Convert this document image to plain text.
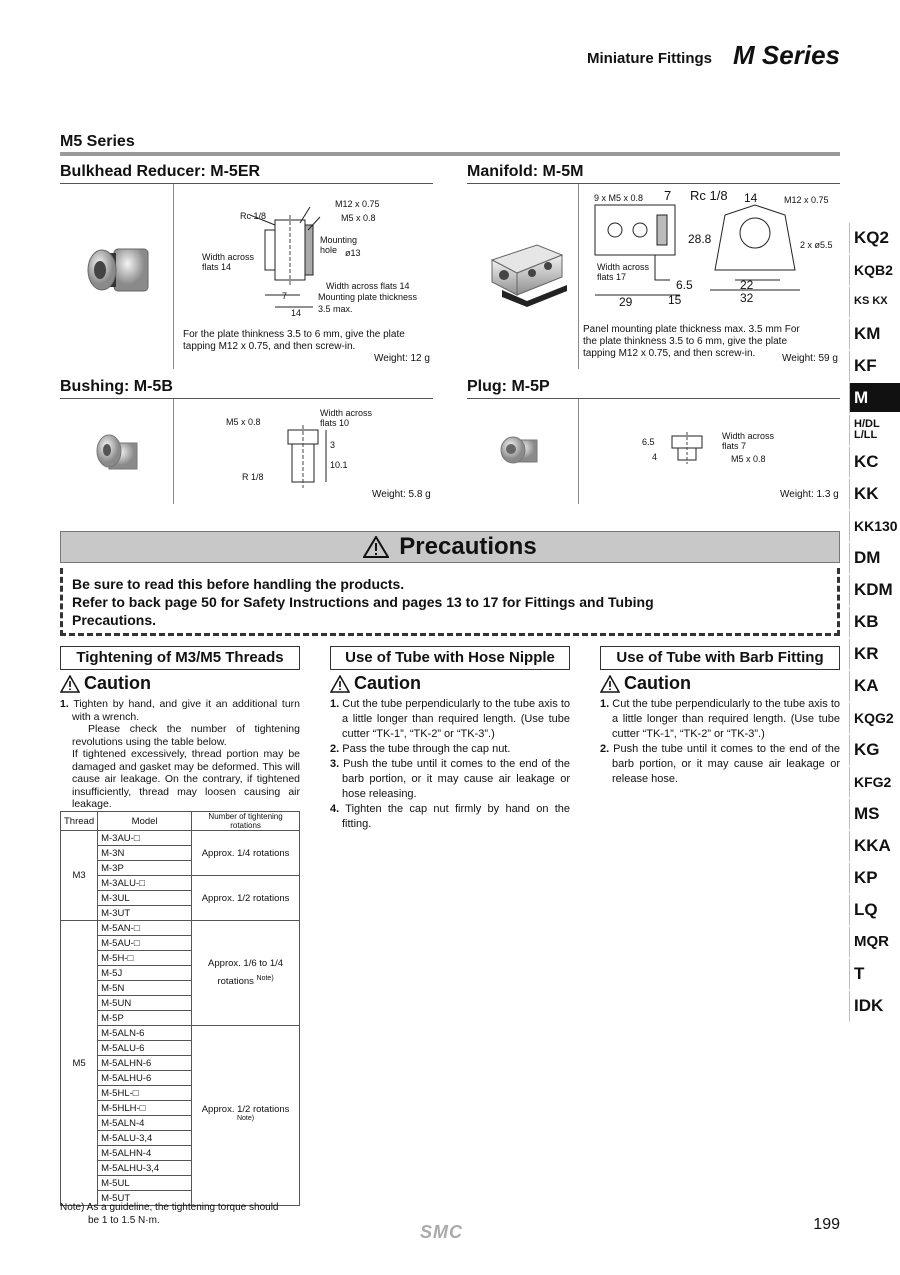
Miniature Fittings M Series
M5 Series
Bulkhead Reducer: M-5ER
Rc 1/8
M12 x 0.75
M5 x 0.8
Width across flats 14
Mounting hole ø13
Width across flats 14
Mounting plate thickness
3.5 max.
7
14
For the plate thinkness 3.5 to 6 mm, give the plate tapping M12 x 0.75, and then screw-in.
Weight: 12 g
Manifold: M-5M
9 x M5 x 0.8 7 Rc 1/8 14	M12 x 0.75
28.8	2 x ø5.5
Width across flats 17
6.5	22
29	15	32
Panel mounting plate thickness max. 3.5 mm For the plate thinkness 3.5 to 6 mm, give the plate tapping M12 x 0.75, and then screw-in.	Weight: 59 g
Bushing: M-5B
M5 x 0.8
Width across flats 10
R 1/8
3
10.1
Weight: 5.8 g
Plug: M-5P
Width across flats 7
M5 x 0.8
6.5
4
Weight: 1.3 g
Precautions
Be sure to read this before handling the products.
Refer to back page 50 for Safety Instructions and pages 13 to 17 for Fittings and Tubing
Precautions.
Tightening of M3/M5 Threads
Caution
1. Tighten by hand, and give it an additional turn with a wrench.
Please check the number of tightening revolutions using the table below.
If tightened excessively, thread portion may be damaged and gasket may be deformed. This will cause air leakage. On the contrary, if tightened insufficiently, thread may loosen causing air leakage.
Thread	Model	Number of tightening rotations
M3	M-3AU-□	Approx. 1/4 rotations
	M-3N	
	M-3P	
	M-3ALU-□	Approx. 1/2 rotations
	M-3UL	
	M-3UT	
M5	M-5AN-□	Approx. 1/6 to 1/4 rotations $^{Note)}$
	M-5AU-□	
	M-5H-□	
	M-5J	
	M-5N	
	M-5UN	
	M-5P	
	M-5ALN-6	Approx. 1/2 rotations $^{Note)}$
	M-5ALU-6	
	M-5ALHN-6	
	M-5ALHU-6	
	M-5HL-□	
	M-5HLH-□	
	M-5ALN-4	
	M-5ALU-3,4	
	M-5ALHN-4	
	M-5ALHU-3,4	
	M-5UL	
	M-5UT	
Use of Tube with Hose Nipple
Caution
1. Cut the tube perpendicularly to the tube axis to a little longer than required length. (Use tube cutter “TK-1”, “TK-2” or “TK-3”.)
2. Pass the tube through the cap nut.
3. Push the tube until it comes to the end of the barb portion, or it may cause air leakage or hose releasing.
4. Tighten the cap nut firmly by hand on the fitting.
Use of Tube with Barb Fitting
Caution
1. Cut the tube perpendicularly to the tube axis to a little longer than required length. (Use tube cutter “TK-1”, “TK-2” or “TK-3”.)
2. Push the tube until it comes to the end of the barb portion, or it may cause air leakage or release hose.
Note) As a guideline, the tightening torque should
be 1 to 1.5 N·m.
KQ2
KQB2
KS KX
KM
KF
M
H/DL L/LL
KC
KK
KK130
DM
KDM
KB
KR
KA
KQG2
KG
KFG2
MS
KKA
KP
LQ
MQR
T
IDK
SMC	199
